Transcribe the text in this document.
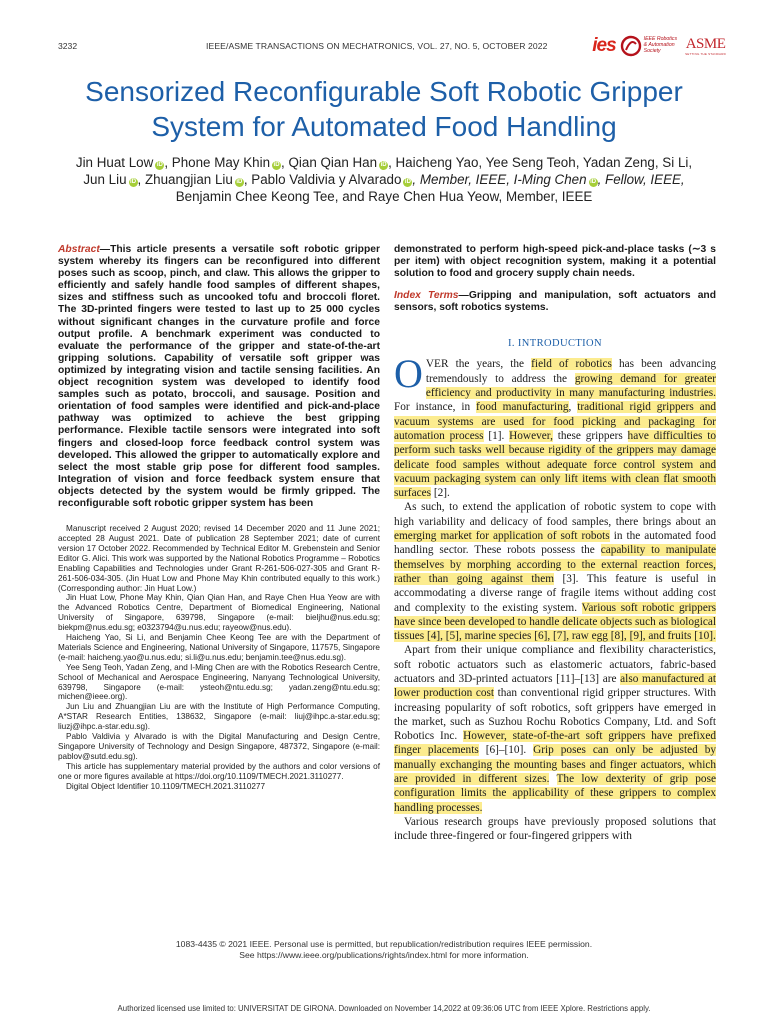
3232	IEEE/ASME TRANSACTIONS ON MECHATRONICS, VOL. 27, NO. 5, OCTOBER 2022 ies	IEEE Robotics
& Automation
Society	ASME
SETTING THE STANDARD
Sensorized Reconfigurable Soft Robotic Gripper
System for Automated Food Handling
Jin Huat Low iD , Phone May Khin iD , Qian Qian Han iD , Haicheng Yao, Yee Seng Teoh, Yadan Zeng, Si Li,
Jun Liu iD , Zhuangjian Liu iD , Pablo Valdivia y Alvarado iD , Member, IEEE, I-Ming Chen iD , Fellow, IEEE,
Benjamin Chee Keong Tee, and Raye Chen Hua Yeow, Member, IEEE

Abstract—This article presents a versatile soft robotic gripper system whereby its fingers can be reconfigured into different poses such as scoop, pinch, and claw. This allows the gripper to efficiently and safely handle food samples of different shapes, sizes and stiffness such as uncooked tofu and broccoli floret. The 3D-printed fingers were tested to last up to 25 000 cycles without significant changes in the curvature profile and force output profile. A benchmark experiment was conducted to evaluate the performance of the gripper and state-of-the-art gripping solutions. Capability of versatile soft gripper was optimized by integrating vision and tactile sensing facilities. An object recognition system was developed to identify food samples such as potato, broccoli, and sausage. Position and orientation of food samples were identified and pick-and-place pathway was optimized to achieve the best gripping performance. Flexible tactile sensors were integrated into soft fingers and closed-loop force feedback control system was developed. This allowed the gripper to automatically explore and select the most stable grip pose for different food samples. Integration of vision and force feedback system ensure that objects detected by the system would be firmly gripped. The reconfigurable soft robotic gripper system has been

Manuscript received 2 August 2020; revised 14 December 2020 and 11 June 2021; accepted 28 August 2021. Date of publication 28 September 2021; date of current version 17 October 2022. Recommended by Technical Editor M. Grebenstein and Senior Editor G. Alici. This work was supported by the National Robotics Programme – Robotics Enabling Capabilities and Technologies under Grant R-261-506-027-305 and Grant R-261-506-034-305. (Jin Huat Low and Phone May Khin contributed equally to this work.) (Corresponding author: Jin Huat Low.)

Jin Huat Low, Phone May Khin, Qian Qian Han, and Raye Chen Hua Yeow are with the Advanced Robotics Centre, Department of Biomedical Engineering, National University of Singapore, 639798, Singapore (e-mail: bieljhu@nus.edu.sg; biekpm@nus.edu.sg; e0323794@u.nus.edu; rayeow@nus.edu).

Haicheng Yao, Si Li, and Benjamin Chee Keong Tee are with the Department of Materials Science and Engineering, National University of Singapore, 117575, Singapore (e-mail: haicheng.yao@u.nus.edu; si.li@u.nus.edu; benjamin.tee@nus.edu.sg).

Yee Seng Teoh, Yadan Zeng, and I-Ming Chen are with the Robotics Research Centre, School of Mechanical and Aerospace Engineering, Nanyang Technological University, 639798, Singapore (e-mail: ysteoh@ntu.edu.sg; yadan.zeng@ntu.edu.sg; michen@ieee.org).

Jun Liu and Zhuangjian Liu are with the Institute of High Performance Computing, A*STAR Research Entities, 138632, Singapore (e-mail: liuj@ihpc.a-star.edu.sg; liuzj@ihpc.a-star.edu.sg).

Pablo Valdivia y Alvarado is with the Digital Manufacturing and Design Centre, Singapore University of Technology and Design Singapore, 487372, Singapore (e-mail: pablov@sutd.edu.sg).

This article has supplementary material provided by the authors and color versions of one or more figures available at https://doi.org/10.1109/TMECH.2021.3110277.

Digital Object Identifier 10.1109/TMECH.2021.3110277

demonstrated to perform high-speed pick-and-place tasks (∼3 s per item) with object recognition system, making it a potential solution to food and grocery supply chain needs.

Index Terms—Gripping and manipulation, soft actuators and sensors, soft robotics systems.

I. INTRODUCTION

OVER the years, the field of robotics has been advancing tremendously to address the growing demand for greater efficiency and productivity in many manufacturing industries. For instance, in food manufacturing, traditional rigid grippers and vacuum systems are used for food picking and packaging for automation process [1]. However, these grippers have difficulties to perform such tasks well because rigidity of the grippers may damage delicate food samples without adequate force control system and vacuum packaging system can only lift items with clean flat smooth surfaces [2].

As such, to extend the application of robotic system to cope with high variability and delicacy of food samples, there brings about an emerging market for application of soft robots in the automated food handling sector. These robots possess the capability to manipulate themselves by morphing according to the external reaction forces, rather than going against them [3]. This feature is useful in accommodating a diverse range of fragile items without adding cost and complexity to the existing system. Various soft robotic grippers have since been developed to handle delicate objects such as biological tissues [4], [5], marine species [6], [7], raw egg [8], [9], and fruits [10].

Apart from their unique compliance and flexibility characteristics, soft robotic actuators such as elastomeric actuators, fabric-based actuators and 3D-printed actuators [11]–[13] are also manufactured at lower production cost than conventional rigid gripper structures. With increasing popularity of soft robotics, soft grippers have emerged in the market, such as Suzhou Rochu Robotics Company, Ltd. and Soft Robotics Inc. However, state-of-the-art soft grippers have prefixed finger placements [6]–[10]. Grip poses can only be adjusted by manually exchanging the mounting bases and finger actuators, which are provided in different sizes. The low dexterity of grip pose configuration limits the applicability of these grippers to complex handling processes.

Various research groups have previously proposed solutions that include three-fingered or four-fingered grippers with

1083-4435 © 2021 IEEE. Personal use is permitted, but republication/redistribution requires IEEE permission.
See https://www.ieee.org/publications/rights/index.html for more information.
Authorized licensed use limited to: UNIVERSITAT DE GIRONA. Downloaded on November 14,2022 at 09:36:06 UTC from IEEE Xplore. Restrictions apply.
